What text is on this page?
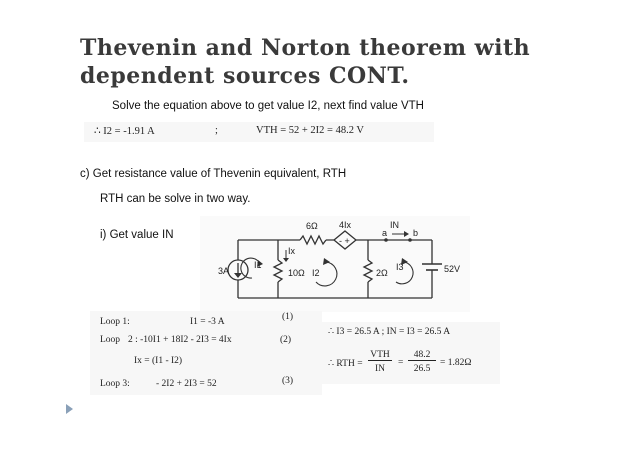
Thevenin and Norton theorem with
dependent sources CONT.
Solve the equation above to get value I2, next find value VTH
∴ I2 = -1.91 A	;	VTH = 52 + 2I2 = 48.2 V
c) Get resistance value of Thevenin equivalent, RTH
RTH can be solve in two way.
i) Get value IN
6Ω 4Ix
- +
a
IN
b
Ix
3A
I1
10Ω I2	2Ω
I3	52V
Loop 1:	I1 = -3 A	(1)
Loop 2 : -10I1 + 18I2 - 2I3 = 4Ix	(2)
Ix = (I1 - I2)
Loop 3:	- 2I2 + 2I3 = 52	(3)
∴ I3 = 26.5 A ; IN = I3 = 26.5 A
∴ RTH =
VTH
IN
=
48.2
26.5
= 1.82Ω
